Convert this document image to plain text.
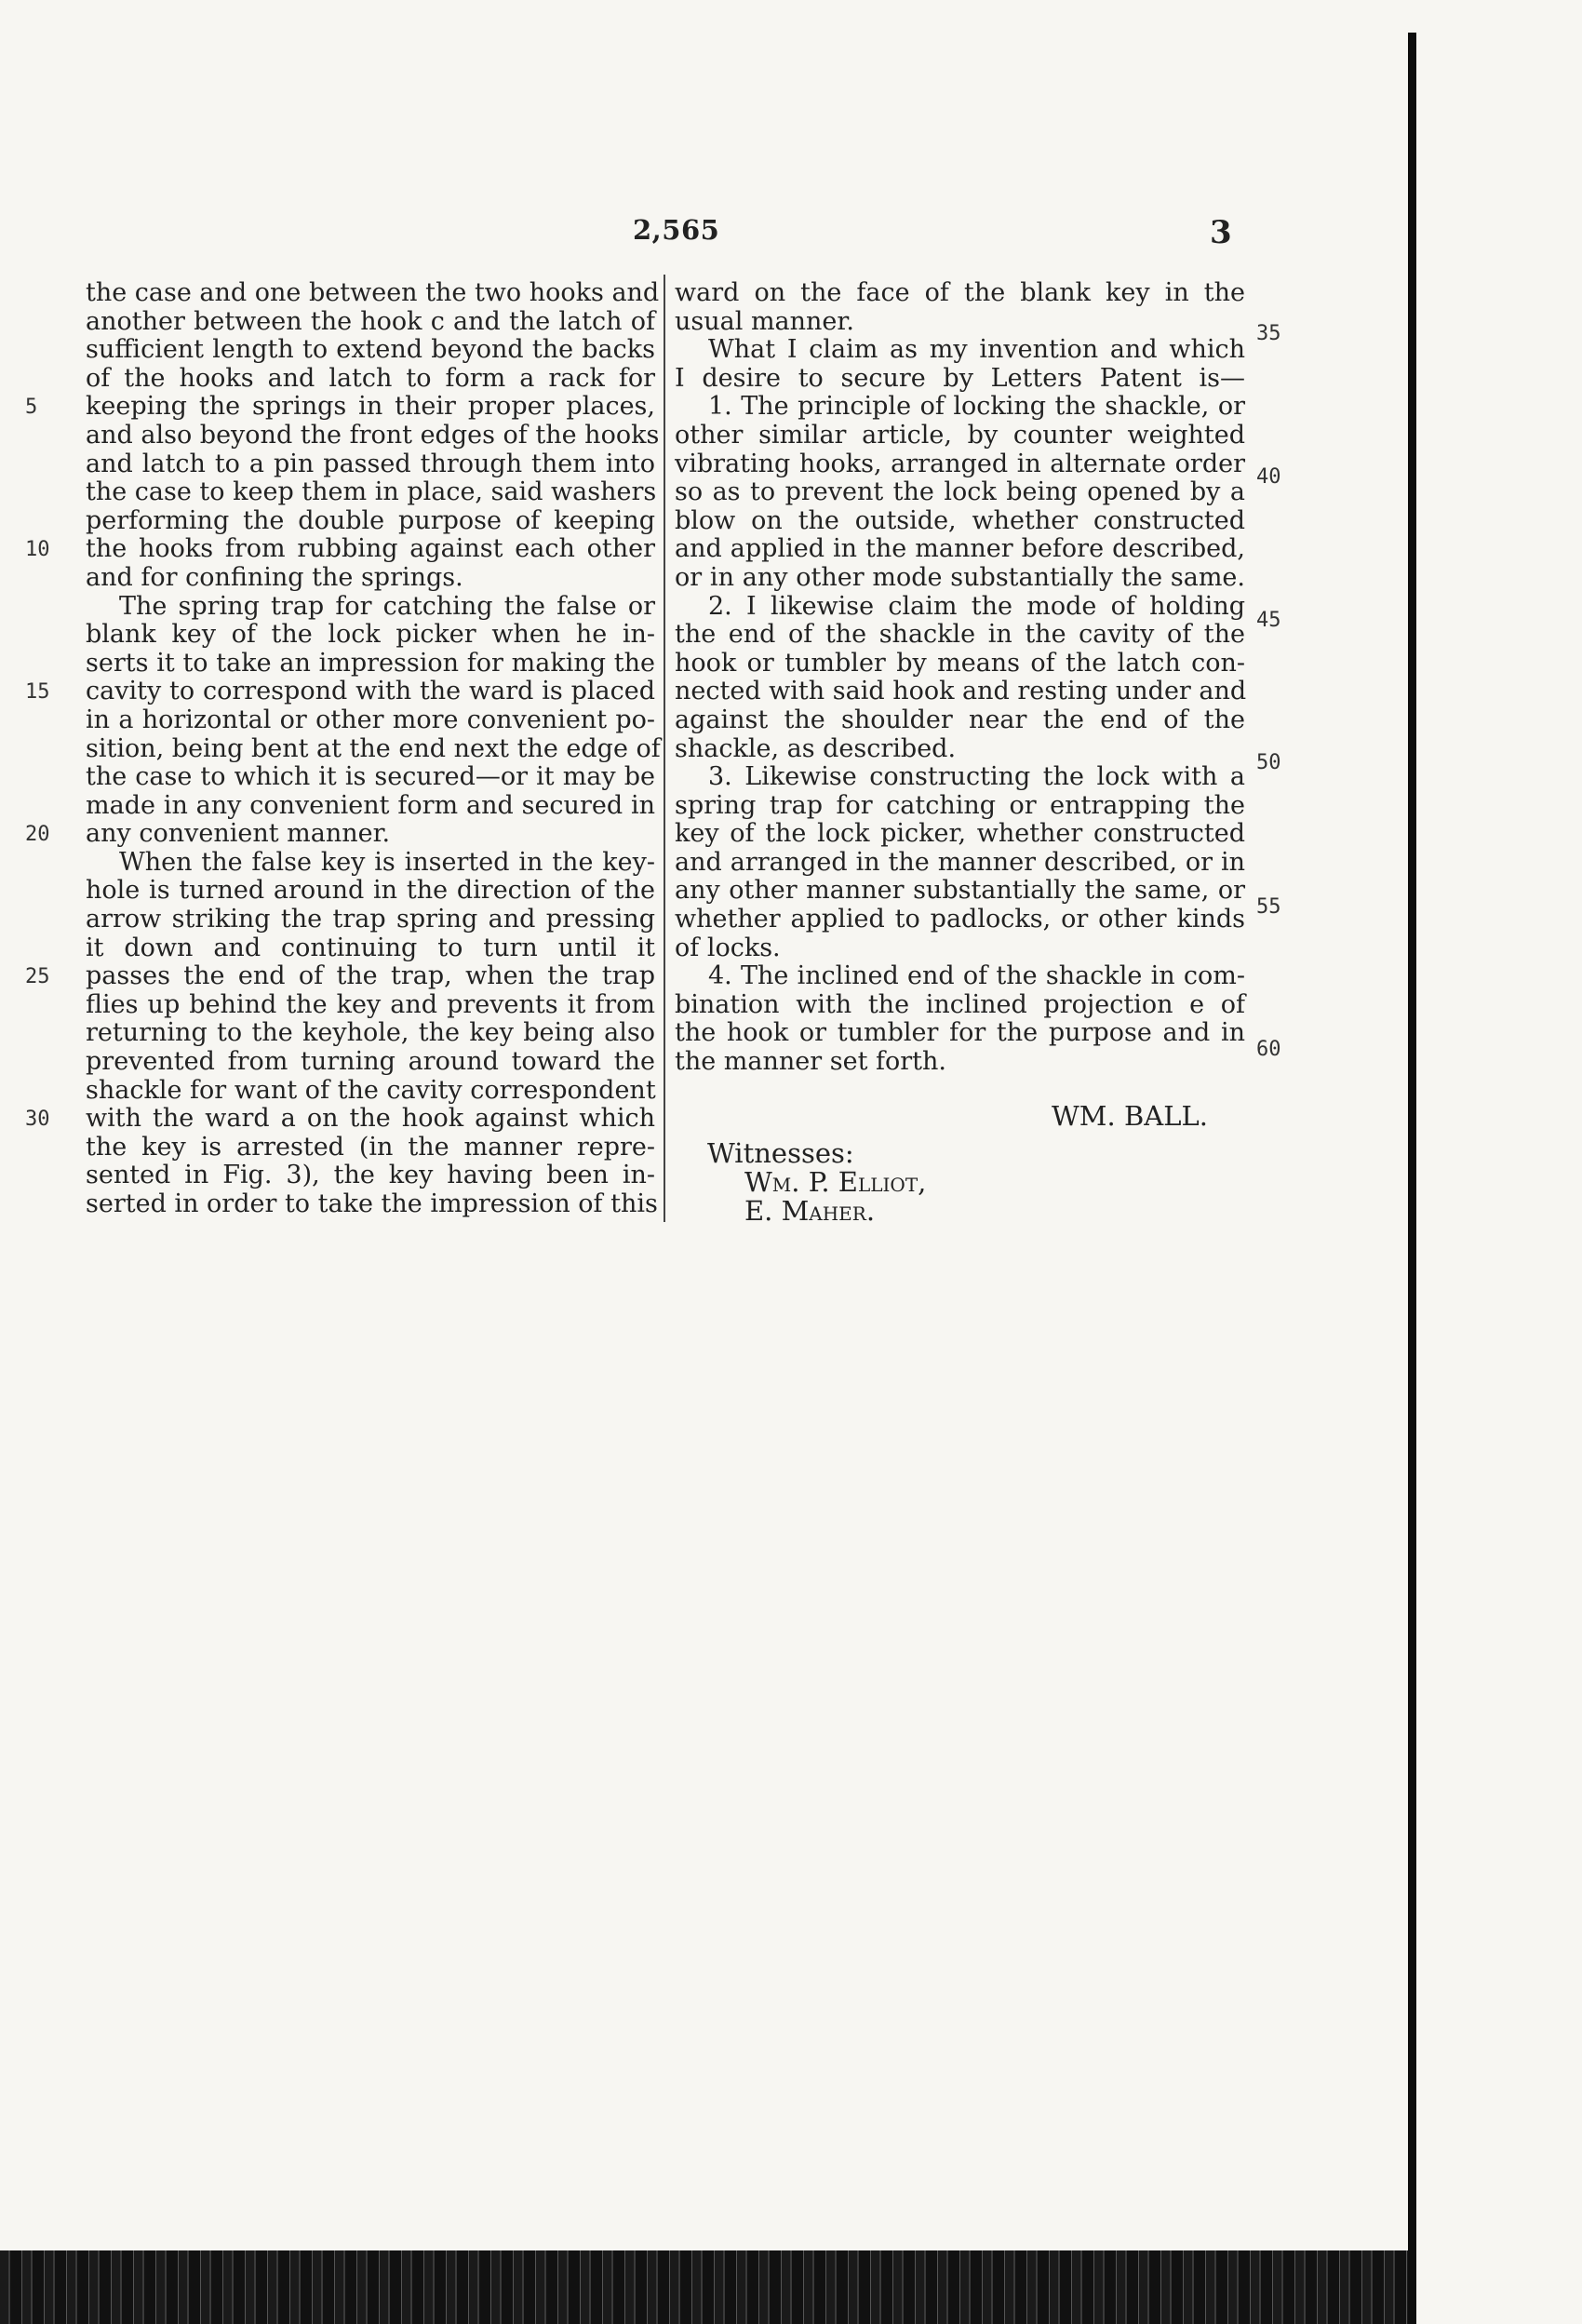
2,565	3
the case and one between the two hooks and
another between the hook c and the latch of
sufficient length to extend beyond the backs
of the hooks and latch to form a rack for
keeping the springs in their proper places,
and also beyond the front edges of the hooks
and latch to a pin passed through them into
the case to keep them in place, said washers
performing the double purpose of keeping
the hooks from rubbing against each other
and for confining the springs.
The spring trap for catching the false or
blank key of the lock picker when he in-
serts it to take an impression for making the
cavity to correspond with the ward is placed
in a horizontal or other more convenient po-
sition, being bent at the end next the edge of
the case to which it is secured—or it may be
made in any convenient form and secured in
any convenient manner.
When the false key is inserted in the key-
hole is turned around in the direction of the
arrow striking the trap spring and pressing
it down and continuing to turn until it
passes the end of the trap, when the trap
flies up behind the key and prevents it from
returning to the keyhole, the key being also
prevented from turning around toward the
shackle for want of the cavity correspondent
with the ward a on the hook against which
the key is arrested (in the manner repre-
sented in Fig. 3), the key having been in-
serted in order to take the impression of this
5
10
15
20
25
30
ward on the face of the blank key in the
usual manner.
What I claim as my invention and which
I desire to secure by Letters Patent is—
1. The principle of locking the shackle, or
other similar article, by counter weighted
vibrating hooks, arranged in alternate order
so as to prevent the lock being opened by a
blow on the outside, whether constructed
and applied in the manner before described,
or in any other mode substantially the same.
2. I likewise claim the mode of holding
the end of the shackle in the cavity of the
hook or tumbler by means of the latch con-
nected with said hook and resting under and
against the shoulder near the end of the
shackle, as described.
3. Likewise constructing the lock with a
spring trap for catching or entrapping the
key of the lock picker, whether constructed
and arranged in the manner described, or in
any other manner substantially the same, or
whether applied to padlocks, or other kinds
of locks.
4. The inclined end of the shackle in com-
bination with the inclined projection e of
the hook or tumbler for the purpose and in
the manner set forth.
35
40
45
50
55
60
WM. BALL.
Witnesses:
Wm. P. Elliot,
E. Maher.
